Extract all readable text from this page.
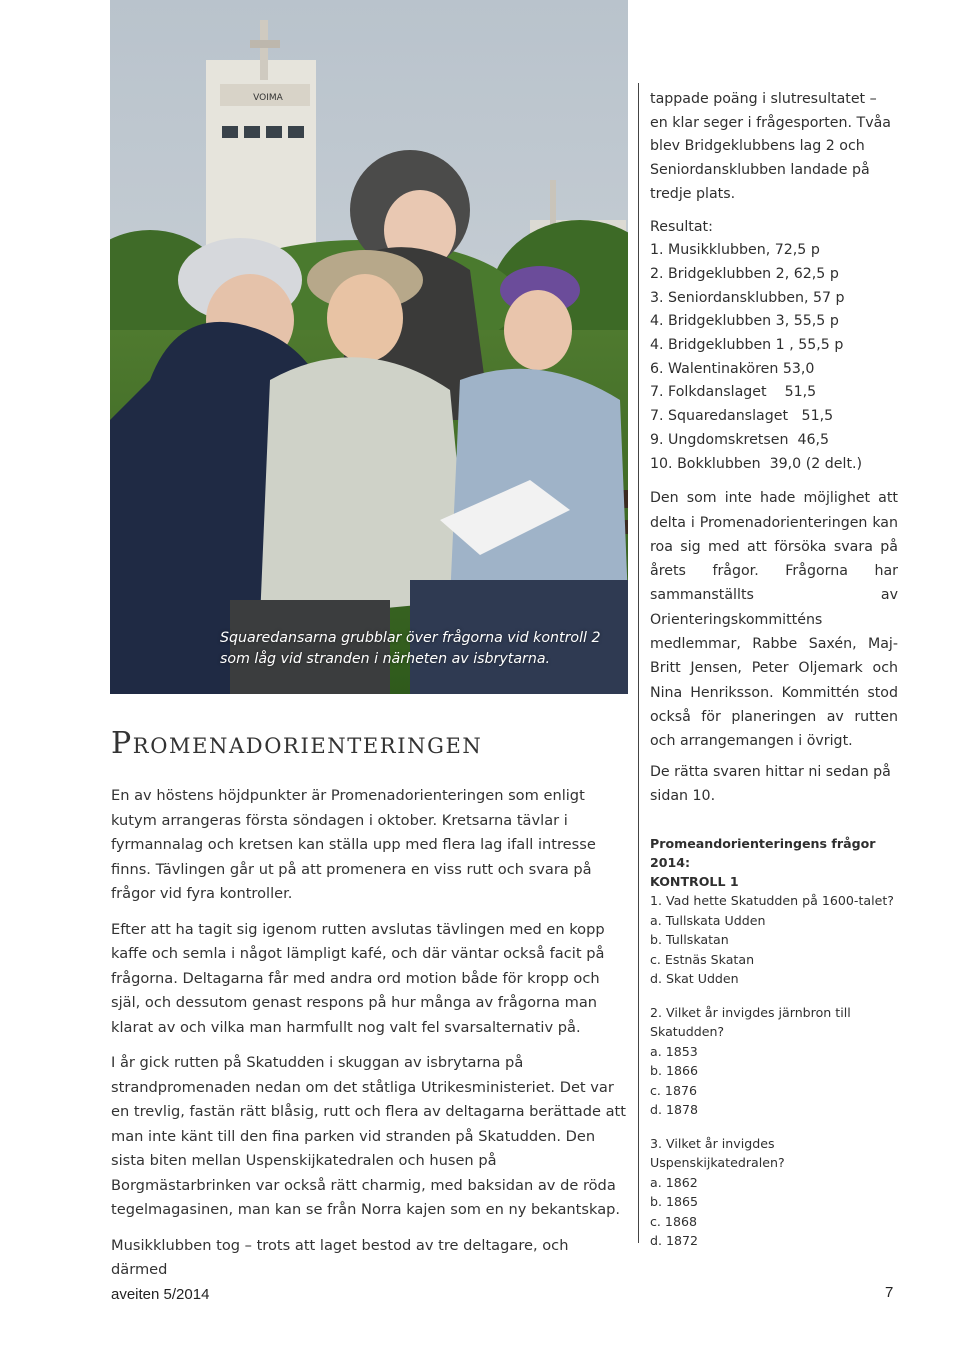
VOIMA
Squaredansarna grubblar över frågorna vid kontroll 2
som låg vid stranden i närheten av isbrytarna.
Promenadorienteringen

En av höstens höjdpunkter är Promenadorienteringen som enligt kutym arrangeras första söndagen i oktober. Kretsarna tävlar i fyrmannalag och kretsen kan ställa upp med flera lag ifall intresse finns. Tävlingen går ut på att promenera en viss rutt och svara på frågor vid fyra kontroller.

Efter att ha tagit sig igenom rutten avslutas tävlingen med en kopp kaffe och semla i något lämpligt kafé, och där väntar också facit på frågorna. Deltagarna får med andra ord motion både för kropp och själ, och dessutom genast respons på hur många av frågorna man klarat av och vilka man harmfullt nog valt fel svarsalternativ på.

I år gick rutten på Skatudden i skuggan av isbrytarna på strandpromenaden nedan om det ståtliga Utrikesministeriet. Det var en trevlig, fastän rätt blåsig, rutt och flera av deltagarna berättade att man inte känt till den fina parken vid stranden på Skatudden. Den sista biten mellan Uspenskijkatedralen och husen på Borgmästarbrinken var också rätt charmig, med baksidan av de röda tegelmagasinen, man kan se från Norra kajen som en ny bekantskap.

Musikklubben tog – trots att laget bestod av tre deltagare, och därmed

tappade poäng i slutresultatet – en klar seger i frågesporten. Tvåa blev Bridgeklubbens lag 2 och Seniordansklubben landade på tredje plats.
Resultat:
1. Musikklubben, 72,5 p
2. Bridgeklubben 2, 62,5 p
3. Seniordansklubben, 57 p
4. Bridgeklubben 3, 55,5 p
4. Bridgeklubben 1 , 55,5 p
6. Walentinakören 53,0
7. Folkdanslaget    51,5
7. Squaredanslaget   51,5
9. Ungdomskretsen  46,5
10. Bokklubben  39,0 (2 delt.)
Den som inte hade möjlighet att delta i Promenadorienteringen kan roa sig med att försöka svara på årets frågor. Frågorna har sammanställts av Orienteringskommitténs medlemmar, Rabbe Saxén, Maj-Britt Jensen, Peter Oljemark och Nina Henriksson. Kommittén stod också för planeringen av rutten och arrangemangen i övrigt.
De rätta svaren hittar ni sedan på sidan 10.
Promeandorienteringens frågor 2014:
KONTROLL 1
1. Vad hette Skatudden på 1600-talet?
a. Tullskata Udden
b. Tullskatan
c. Estnäs Skatan
d. Skat Udden
2. Vilket år invigdes järnbron till Skatudden?
a. 1853
b. 1866
c. 1876
d. 1878
3. Vilket år invigdes Uspenskijkatedralen?
a. 1862
b. 1865
c. 1868
d. 1872
aveiten 5/2014	7
